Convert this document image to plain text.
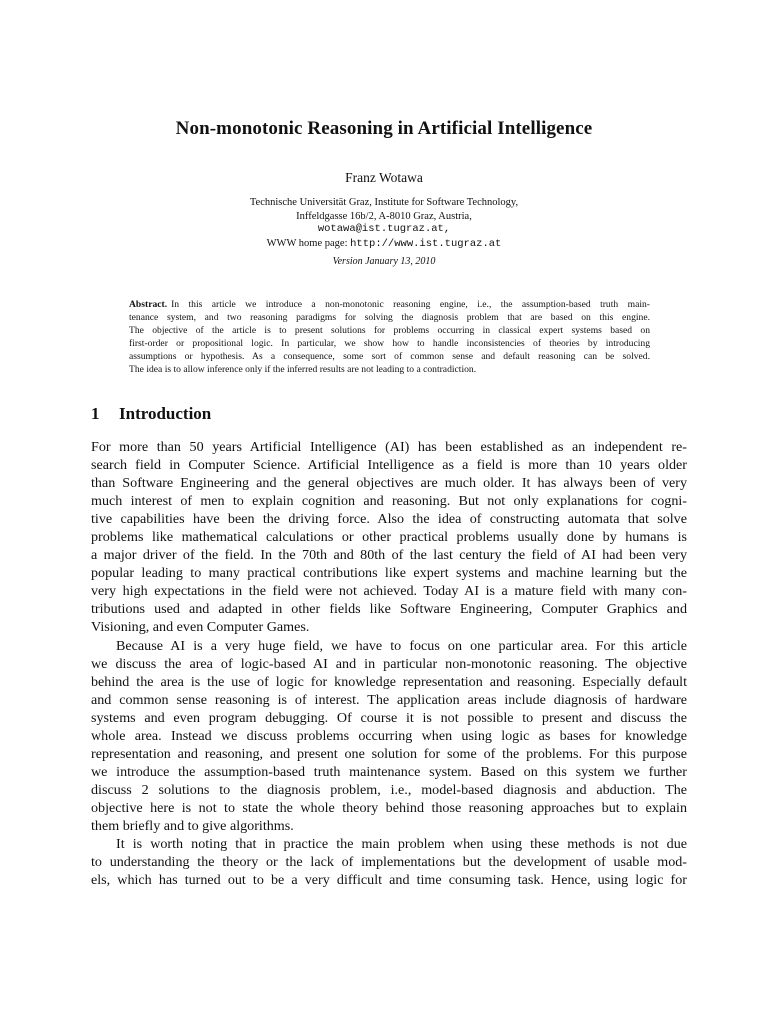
Non-monotonic Reasoning in Artificial Intelligence
Franz Wotawa
Technische Universität Graz, Institute for Software Technology,
Inffeldgasse 16b/2, A-8010 Graz, Austria,
wotawa@ist.tugraz.at,
WWW home page: http://www.ist.tugraz.at
Version January 13, 2010
Abstract. In this article we introduce a non-monotonic reasoning engine, i.e., the assumption-based truth main-
tenance system, and two reasoning paradigms for solving the diagnosis problem that are based on this engine.
The objective of the article is to present solutions for problems occurring in classical expert systems based on
first-order or propositional logic. In particular, we show how to handle inconsistencies of theories by introducing
assumptions or hypothesis. As a consequence, some sort of common sense and default reasoning can be solved.
The idea is to allow inference only if the inferred results are not leading to a contradiction.
1 Introduction
For more than 50 years Artificial Intelligence (AI) has been established as an independent re-
search field in Computer Science. Artificial Intelligence as a field is more than 10 years older
than Software Engineering and the general objectives are much older. It has always been of very
much interest of men to explain cognition and reasoning. But not only explanations for cogni-
tive capabilities have been the driving force. Also the idea of constructing automata that solve
problems like mathematical calculations or other practical problems usually done by humans is
a major driver of the field. In the 70th and 80th of the last century the field of AI had been very
popular leading to many practical contributions like expert systems and machine learning but the
very high expectations in the field were not achieved. Today AI is a mature field with many con-
tributions used and adapted in other fields like Software Engineering, Computer Graphics and
Visioning, and even Computer Games.
Because AI is a very huge field, we have to focus on one particular area. For this article
we discuss the area of logic-based AI and in particular non-monotonic reasoning. The objective
behind the area is the use of logic for knowledge representation and reasoning. Especially default
and common sense reasoning is of interest. The application areas include diagnosis of hardware
systems and even program debugging. Of course it is not possible to present and discuss the
whole area. Instead we discuss problems occurring when using logic as bases for knowledge
representation and reasoning, and present one solution for some of the problems. For this purpose
we introduce the assumption-based truth maintenance system. Based on this system we further
discuss 2 solutions to the diagnosis problem, i.e., model-based diagnosis and abduction. The
objective here is not to state the whole theory behind those reasoning approaches but to explain
them briefly and to give algorithms.
It is worth noting that in practice the main problem when using these methods is not due
to understanding the theory or the lack of implementations but the development of usable mod-
els, which has turned out to be a very difficult and time consuming task. Hence, using logic for
